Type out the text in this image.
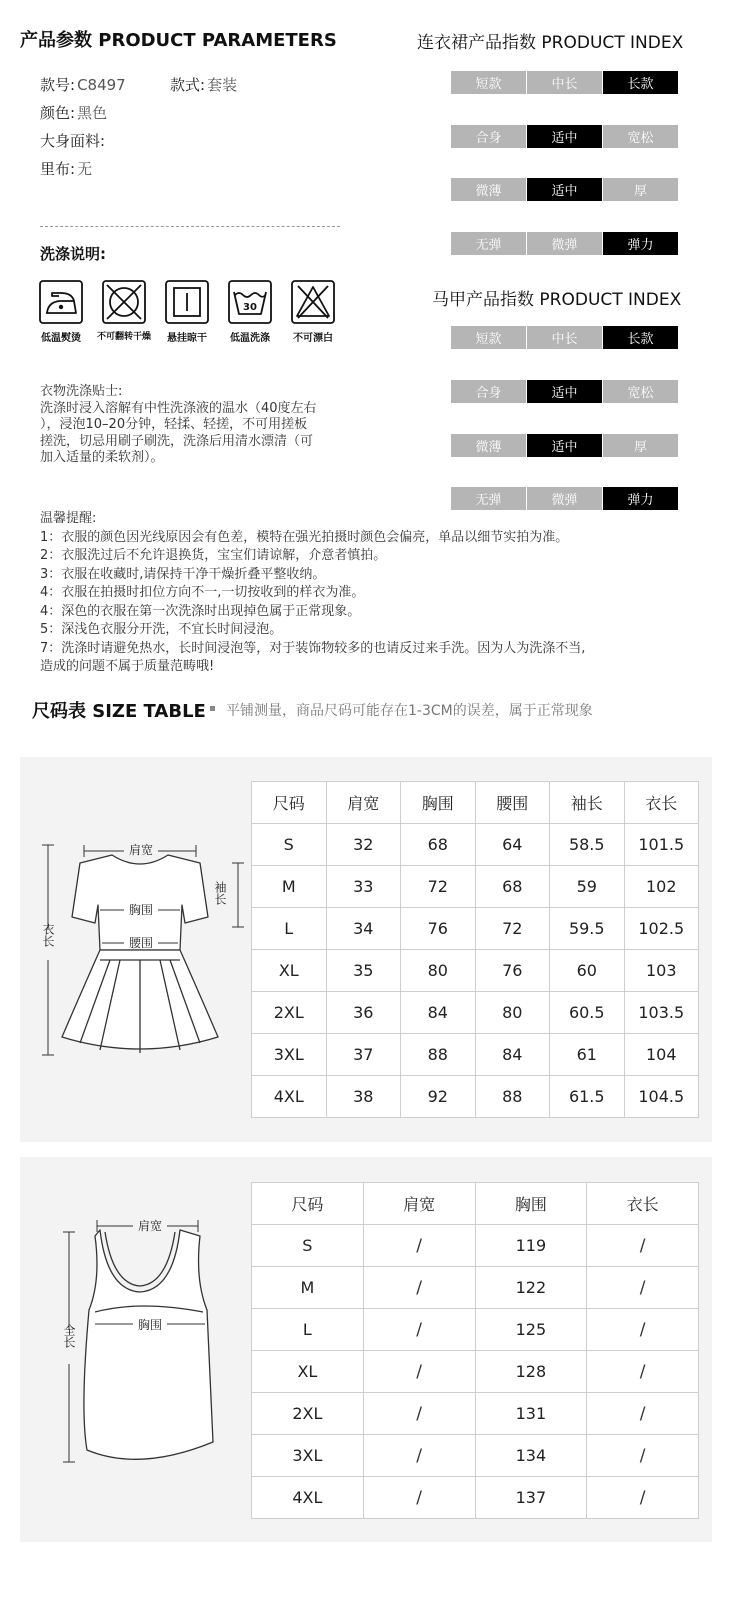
产品参数 PRODUCT PARAMETERS	连衣裙产品指数 PRODUCT INDEX
款号: C8497	款式: 套装
颜色: 黑色
大身面料:
里布: 无
短款	中长	长款
合身	适中	宽松
微薄	适中	厚
无弹	微弹	弹力
马甲产品指数 PRODUCT INDEX
短款	中长	长款
合身	适中	宽松
微薄	适中	厚
无弹	微弹	弹力
洗涤说明:
低温熨烫	不可翻转干燥	悬挂晾干
30
低温洗涤	不可漂白
衣物洗涤贴士:
洗涤时浸入溶解有中性洗涤液的温水（40度左右
），浸泡10–20分钟，轻揉、轻搓，不可用搓板
搓洗，切忌用刷子刷洗，洗涤后用清水漂清（可
加入适量的柔软剂）。
温馨提醒:
1：衣服的颜色因光线原因会有色差，模特在强光拍摄时颜色会偏亮，单品以细节实拍为准。
2：衣服洗过后不允许退换货，宝宝们请谅解，介意者慎拍。
3：衣服在收藏时,请保持干净干燥折叠平整收纳。
4：衣服在拍摄时扣位方向不一,一切按收到的样衣为准。
4：深色的衣服在第一次洗涤时出现掉色属于正常现象。
5：深浅色衣服分开洗，不宜长时间浸泡。
7：洗涤时请避免热水，长时间浸泡等，对于装饰物较多的也请反过来手洗。因为人为洗涤不当,
造成的问题不属于质量范畴哦!
尺码表 SIZE TABLE 平铺测量，商品尺码可能存在1-3CM的误差，属于正常现象
肩宽
胸围
腰围
袖长
衣长
尺码	肩宽	胸围	腰围	袖长	衣长
S	32	68	64	58.5	101.5
M	33	72	68	59	102
L	34	76	72	59.5	102.5
XL	35	80	76	60	103
2XL	36	84	80	60.5	103.5
3XL	37	88	84	61	104
4XL	38	92	88	61.5	104.5
肩宽
胸围
全长
尺码	肩宽	胸围	衣长
S	/	119	/
M	/	122	/
L	/	125	/
XL	/	128	/
2XL	/	131	/
3XL	/	134	/
4XL	/	137	/
